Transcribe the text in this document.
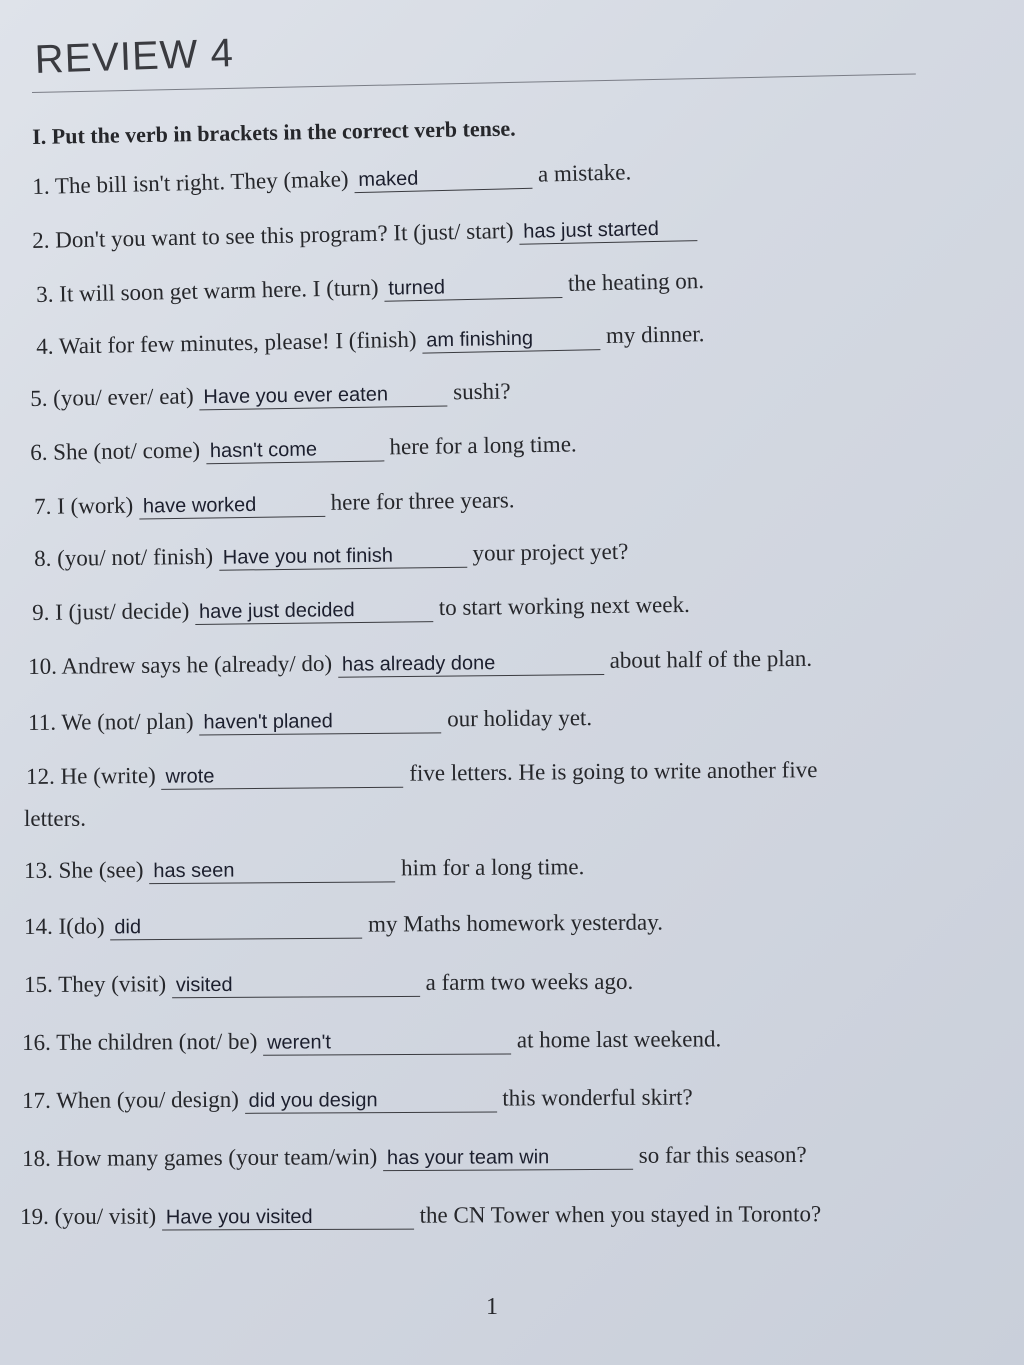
REVIEW 4
I. Put the verb in brackets in the correct verb tense.
1. The bill isn't right. They (make) maked	a mistake.
2. Don't you want to see this program? It (just/ start) has just started
3. It will soon get warm here. I (turn) turned	the heating on.
4. Wait for few minutes, please! I (finish) am finishing	my dinner.
5. (you/ ever/ eat) Have you ever eaten	sushi?
6. She (not/ come) hasn't come	here for a long time.
7. I (work) have worked	here for three years.
8. (you/ not/ finish) Have you not finish	your project yet?
9. I (just/ decide) have just decided	to start working next week.
10. Andrew says he (already/ do) has already done	about half of the plan.
11. We (not/ plan) haven't planed	our holiday yet.
12. He (write) wrote	five letters. He is going to write another five
13. She (see) has seen	him for a long time.
14. I(do) did	my Maths homework yesterday.
15. They (visit) visited	a farm two weeks ago.
16. The children (not/ be) weren't	at home last weekend.
17. When (you/ design) did you design	this wonderful skirt?
18. How many games (your team/win) has your team win	so far this season?
19. (you/ visit) Have you visited	the CN Tower when you stayed in Toronto?
letters.
1
